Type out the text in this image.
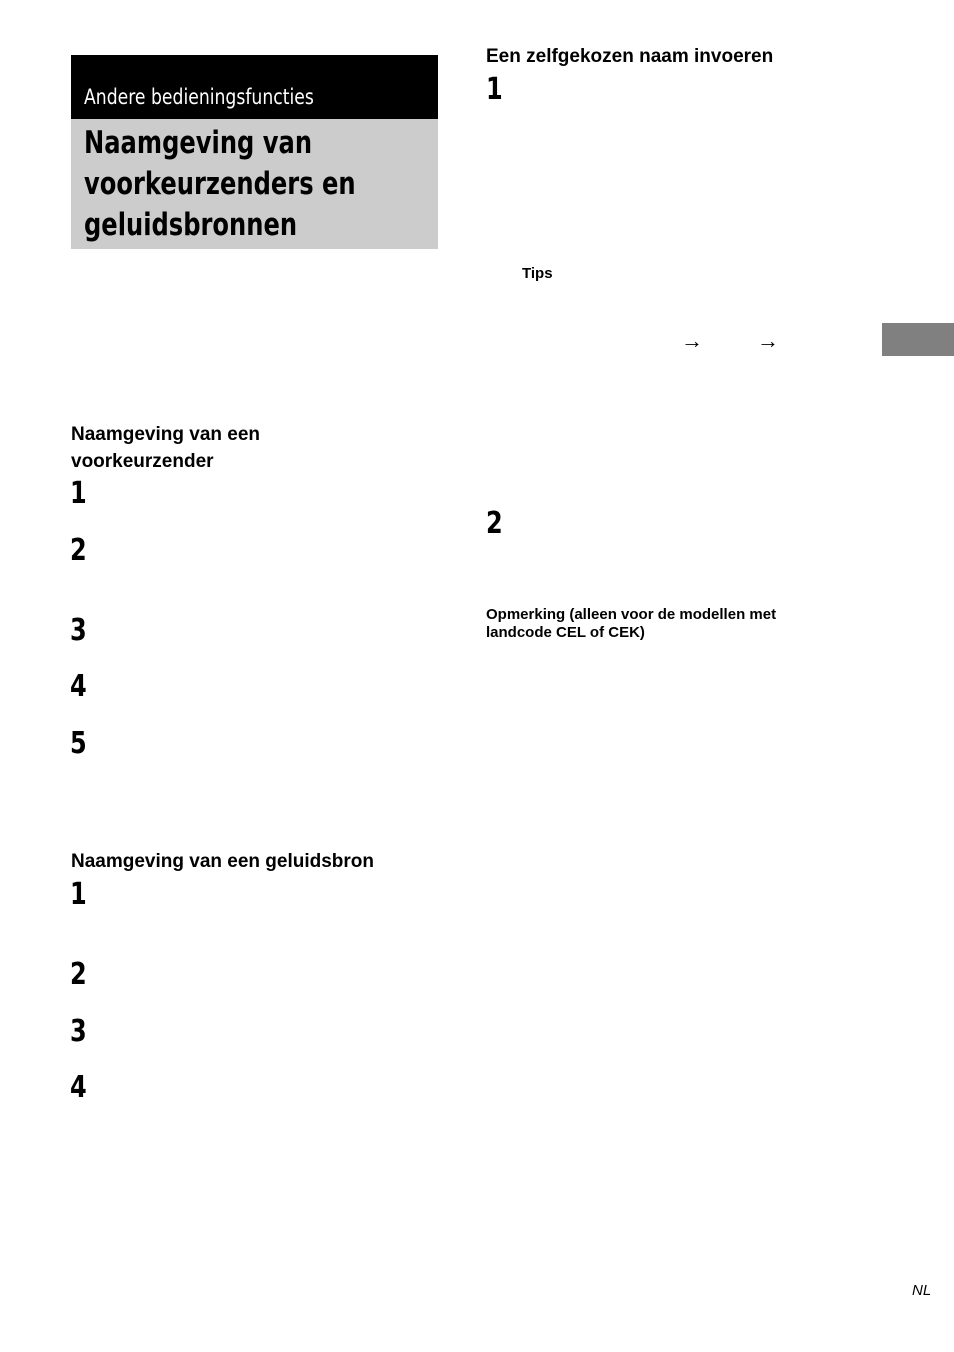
Andere bedieningsfuncties
Naamgeving van
voorkeurzenders en
geluidsbronnen
Naamgeving van een
voorkeurzender
1
2
3
4
5
Naamgeving van een geluidsbron
1
2
3
4
Een zelfgekozen naam invoeren
1
Tips
→ →
2
Opmerking (alleen voor de modellen met
landcode CEL of CEK)
NL
